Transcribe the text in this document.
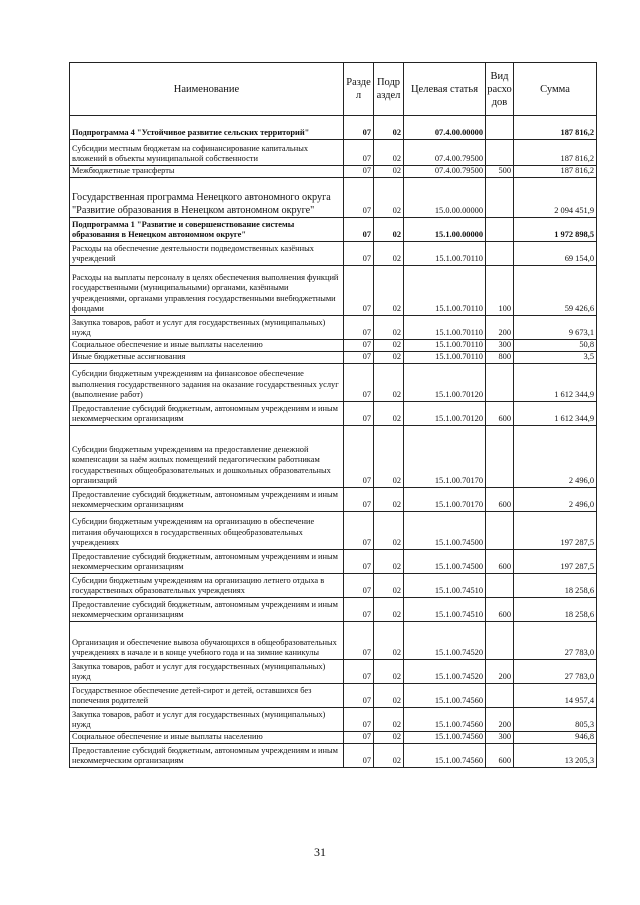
Наименование	Разде л	Подр аздел	Целевая статья	Вид расхо дов	Сумма
Подпрограмма 4 "Устойчивое развитие сельских территорий"	07	02	07.4.00.00000		187 816,2
Субсидии местным бюджетам на софинансирование капитальных вложений в объекты муниципальной собственности	07	02	07.4.00.79500		187 816,2
Межбюджетные трансферты	07	02	07.4.00.79500	500	187 816,2
Государственная программа Ненецкого автономного округа "Развитие образования в Ненецком автономном округе"	07	02	15.0.00.00000		2 094 451,9
Подпрограмма 1 "Развитие и совершенствование системы образования в Ненецком автономном округе"	07	02	15.1.00.00000		1 972 898,5
Расходы на обеспечение деятельности подведомственных казённых учреждений	07	02	15.1.00.70110		69 154,0
Расходы на выплаты персоналу в целях обеспечения выполнения функций государственными (муниципальными) органами, казёнными учреждениями, органами управления государственными внебюджетными фондами	07	02	15.1.00.70110	100	59 426,6
Закупка товаров, работ и услуг для государственных (муниципальных) нужд	07	02	15.1.00.70110	200	9 673,1
Социальное обеспечение и иные выплаты населению	07	02	15.1.00.70110	300	50,8
Иные бюджетные ассигнования	07	02	15.1.00.70110	800	3,5
Субсидии бюджетным учреждениям на финансовое обеспечение выполнения государственного задания на оказание государственных услуг (выполнение работ)	07	02	15.1.00.70120		1 612 344,9
Предоставление субсидий бюджетным, автономным учреждениям и иным некоммерческим организациям	07	02	15.1.00.70120	600	1 612 344,9
Субсидии бюджетным учреждениям на предоставление денежной компенсации за наём жилых помещений педагогическим работникам государственных общеобразовательных и дошкольных образовательных организаций	07	02	15.1.00.70170		2 496,0
Предоставление субсидий бюджетным, автономным учреждениям и иным некоммерческим организациям	07	02	15.1.00.70170	600	2 496,0
Субсидии бюджетным учреждениям на организацию в обеспечение питания обучающихся в государственных общеобразовательных учреждениях	07	02	15.1.00.74500		197 287,5
Предоставление субсидий бюджетным, автономным учреждениям и иным некоммерческим организациям	07	02	15.1.00.74500	600	197 287,5
Субсидии бюджетным учреждениям на организацию летнего отдыха в государственных образовательных учреждениях	07	02	15.1.00.74510		18 258,6
Предоставление субсидий бюджетным, автономным учреждениям и иным некоммерческим организациям	07	02	15.1.00.74510	600	18 258,6
Организация и обеспечение вывоза обучающихся в общеобразовательных учреждениях в начале и в конце учебного года и на зимние каникулы	07	02	15.1.00.74520		27 783,0
Закупка товаров, работ и услуг для государственных (муниципальных) нужд	07	02	15.1.00.74520	200	27 783,0
Государственное обеспечение детей-сирот и детей, оставшихся без попечения родителей	07	02	15.1.00.74560		14 957,4
Закупка товаров, работ и услуг для государственных (муниципальных) нужд	07	02	15.1.00.74560	200	805,3
Социальное обеспечение и иные выплаты населению	07	02	15.1.00.74560	300	946,8
Предоставление субсидий бюджетным, автономным учреждениям и иным некоммерческим организациям	07	02	15.1.00.74560	600	13 205,3
31
